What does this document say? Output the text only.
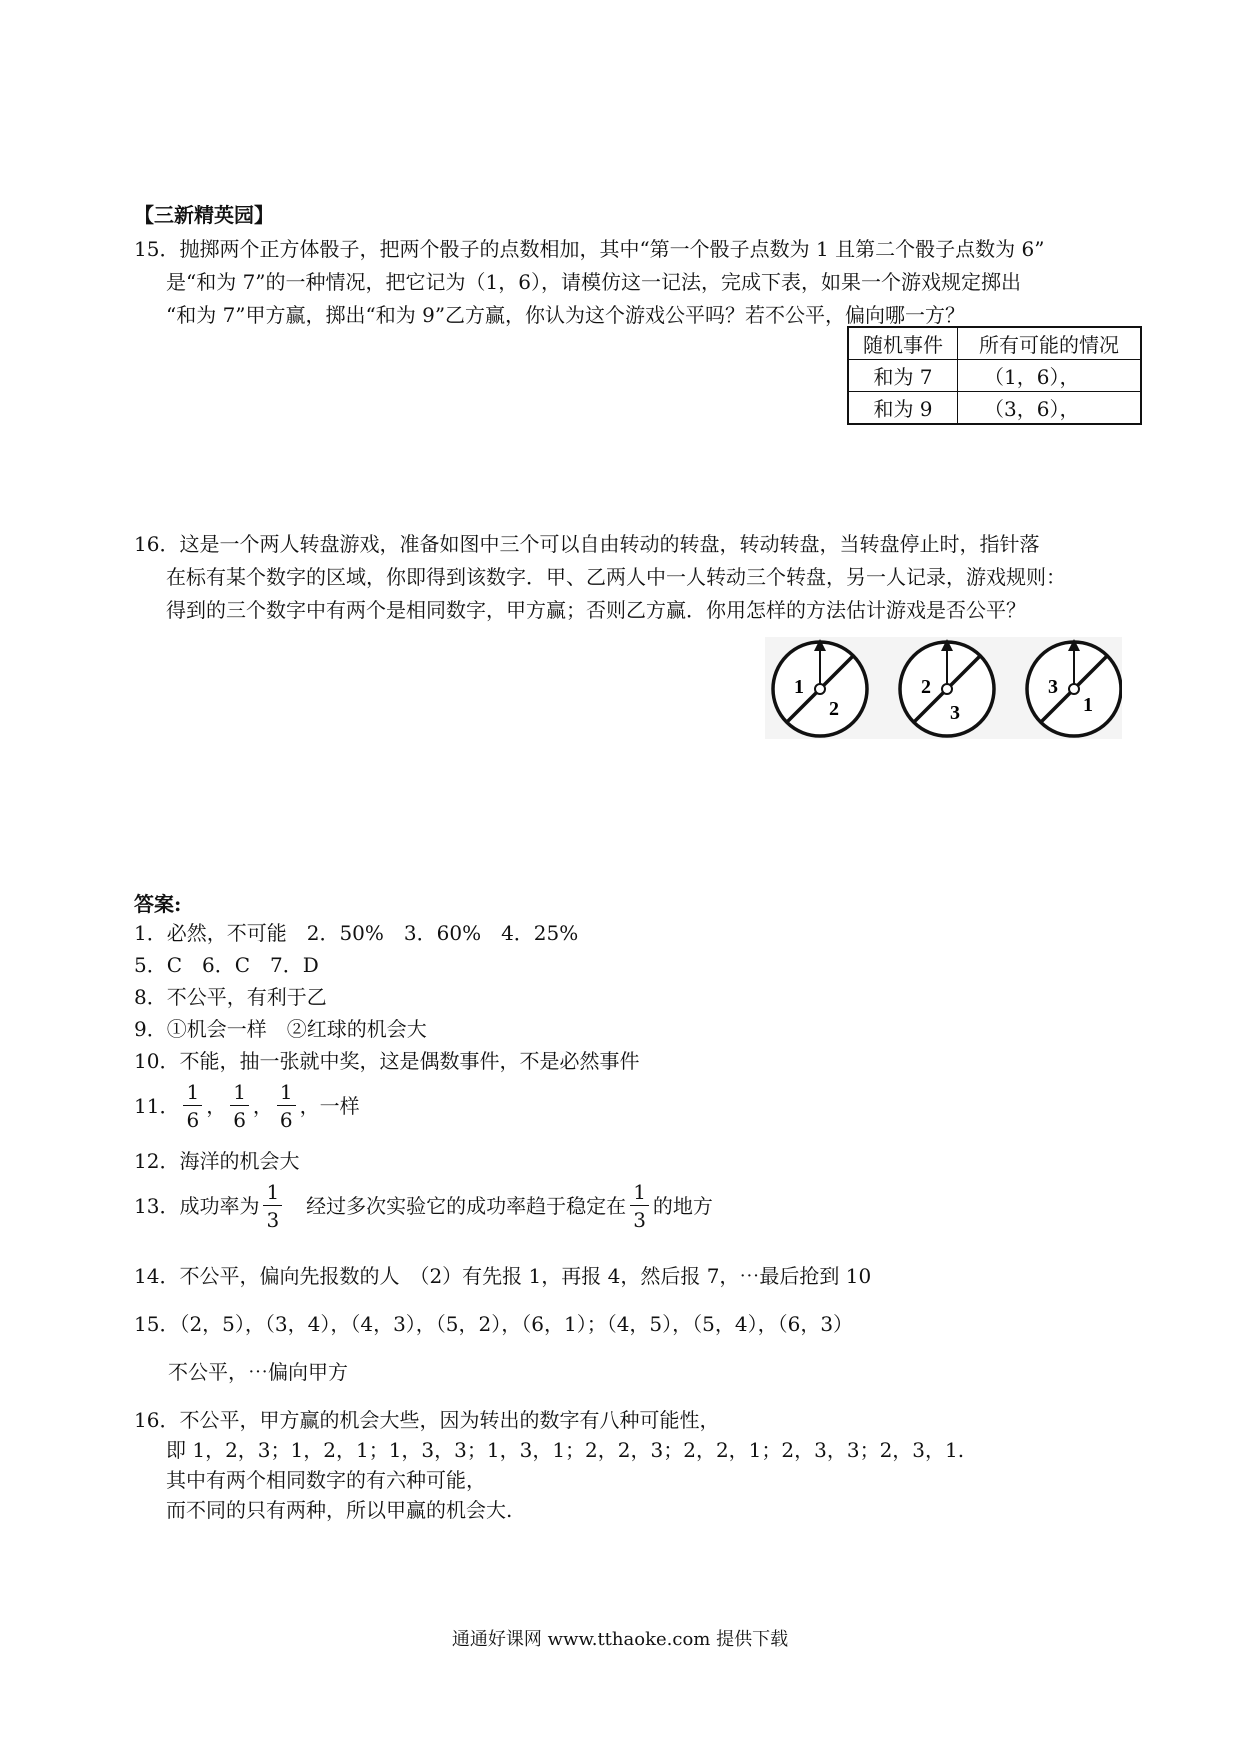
【三新精英园】
15．抛掷两个正方体骰子，把两个骰子的点数相加，其中“第一个骰子点数为 1 且第二个骰子点数为 6”
是“和为 7”的一种情况，把它记为（1，6），请模仿这一记法，完成下表，如果一个游戏规定掷出
“和为 7”甲方赢，掷出“和为 9”乙方赢，你认为这个游戏公平吗？若不公平，偏向哪一方？
随机事件	所有可能的情况
和为 7	（1，6），
和为 9	（3，6），
16．这是一个两人转盘游戏，准备如图中三个可以自由转动的转盘，转动转盘，当转盘停止时，指针落
在标有某个数字的区域，你即得到该数字．甲、乙两人中一人转动三个转盘，另一人记录，游戏规则：
得到的三个数字中有两个是相同数字，甲方赢；否则乙方赢．你用怎样的方法估计游戏是否公平？
1
2
2
3
3
1
答案:
1．必然，不可能　2．50%　3．60%　4．25%
5．C　6．C　7．D
8．不公平，有利于乙
9．①机会一样　②红球的机会大
10．不能，抽一张就中奖，这是偶数事件，不是必然事件
11． $\frac{1}{6}$ ， $\frac{1}{6}$ ， $\frac{1}{6}$ ，一样
12．海洋的机会大
13．成功率为 $\frac{1}{3}$ 　经过多次实验它的成功率趋于稳定在 $\frac{1}{3}$ 的地方
14．不公平，偏向先报数的人　（2）有先报 1，再报 4，然后报 7，⋯最后抢到 10
15．（2，5），（3，4），（4，3），（5，2），（6，1）；（4，5），（5，4），（6，3）
不公平，⋯偏向甲方
16．不公平，甲方赢的机会大些，因为转出的数字有八种可能性，
即 1，2，3；1，2，1；1，3，3；1，3，1；2，2，3；2，2，1；2，3，3；2，3，1.
其中有两个相同数字的有六种可能，
而不同的只有两种，所以甲赢的机会大.
通通好课网 www.tthaoke.com 提供下载
